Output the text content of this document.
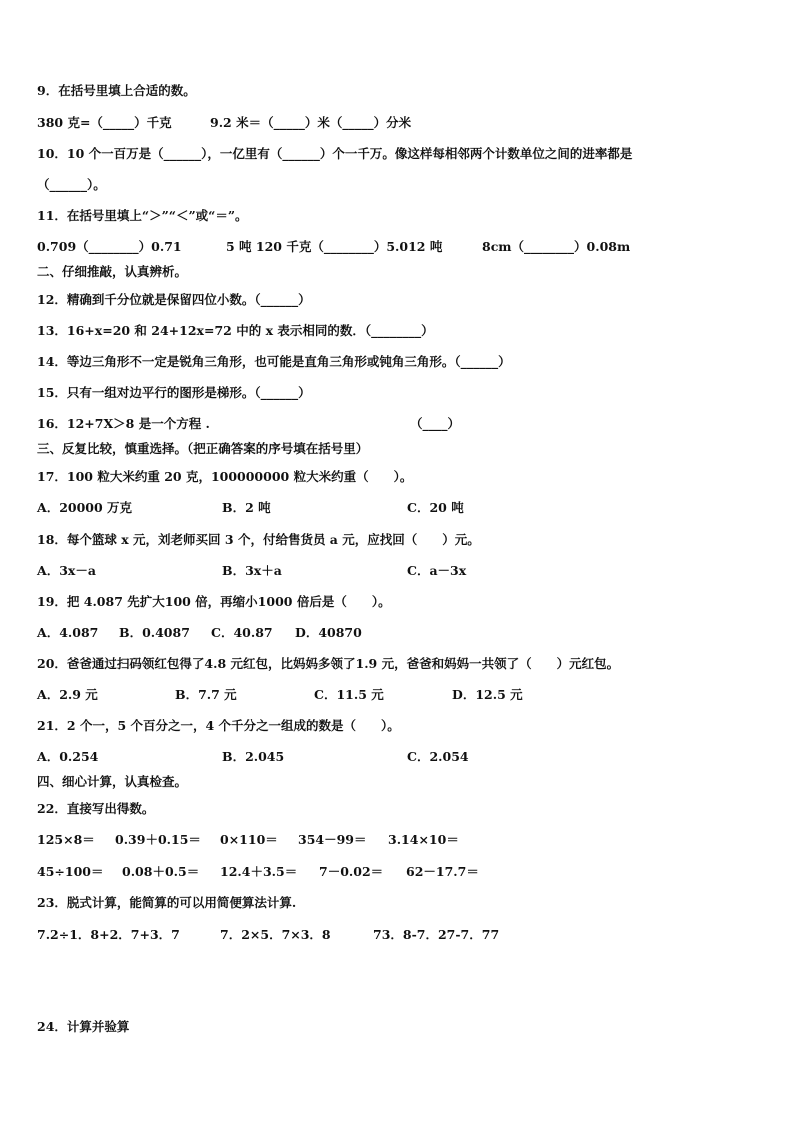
9．在括号里填上合适的数。

380 克=（_____）千克

	9.2 米＝（_____）米（_____）分米

10．10 个一百万是（______），一亿里有（______）个一千万。像这样每相邻两个计数单位之间的进率都是
（______）。
11．在括号里填上“＞”“＜”或“＝”。

0.709（________）0.71

	5 吨 120 千克（________）5.012 吨

	8cm（________）0.08m

二、仔细推敲，认真辨析。
12．精确到千分位就是保留四位小数。（______）
13．16+x=20 和 24+12x=72 中的 x 表示相同的数．（________）
14．等边三角形不一定是锐角三角形，也可能是直角三角形或钝角三角形。（______）
15．只有一组对边平行的图形是梯形。（______）

16．12+7X＞8 是一个方程 .

	（____）

三、反复比较，慎重选择。（把正确答案的序号填在括号里）
17．100 粒大米约重 20 克，100000000 粒大米约重（　　）。

A．20000 万克

	B．2 吨

	C．20 吨

18．每个篮球 x 元，刘老师买回 3 个，付给售货员 a 元，应找回（　　）元。

A．3x－a

	B．3x＋a

	C．a－3x

19．把 4.087 先扩大100 倍，再缩小1000 倍后是（　　）。

A．4.087

B．0.4087

C．40.87

D．40870

20．爸爸通过扫码领红包得了4.8 元红包，比妈妈多领了1.9 元，爸爸和妈妈一共领了（　　）元红包。

A．2.9 元

	B．7.7 元

	C．11.5 元

	D．12.5 元

21．2 个一，5 个百分之一，4 个千分之一组成的数是（　　）。

A．0.254

	B．2.045

	C．2.054

四、细心计算，认真检查。
22．直接写出得数。

125×8＝

0.39＋0.15＝

0×110＝

354－99＝

3.14×10＝

45÷100＝

0.08＋0.5＝

12.4＋3.5＝

7－0.02＝

62－17.7＝

23．脱式计算，能简算的可以用简便算法计算.

7.2÷1．8+2．7+3．7

	7．2×5．7×3．8

	73．8-7．27-7．77

24．计算并验算
